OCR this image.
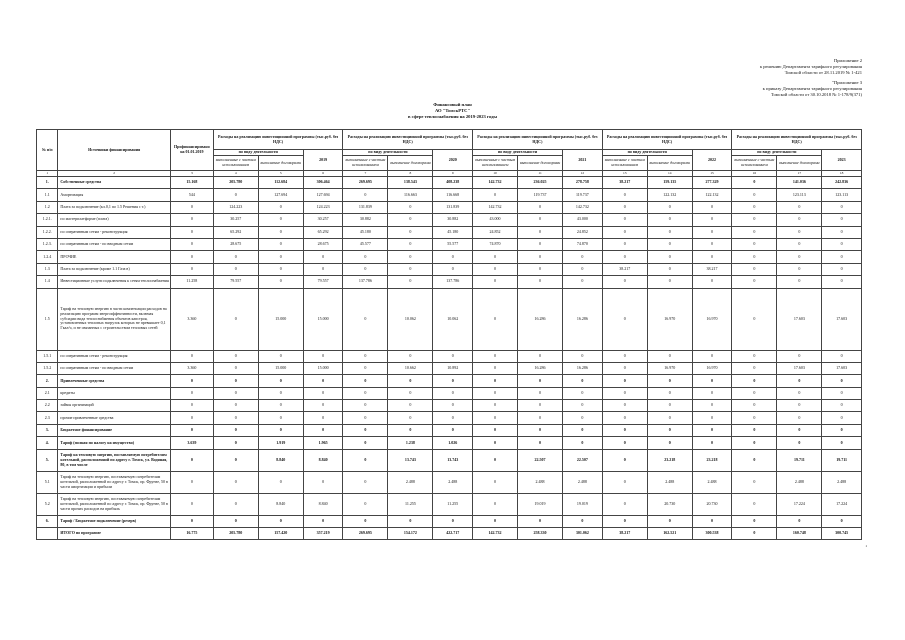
Приложение 2
к решению Департамента тарифного регулирования
Томской области от 28.11.2019 № 1-421
"Приложение 3
к приказу Департамента тарифного регулирования
Томской области от 30.10.2018 № 1-178/9(371)
Финансовый план
АО "ТомскРТС"
в сфере теплоснабжения на 2019-2023 годы
№ п/п	Источники финансирования	Профинансировано на 01.01.2019	Расходы на реализацию инвестиционной программы (тыс.руб. без НДС)			Расходы на реализацию инвестиционной программы (тыс.руб. без НДС)			Расходы на реализацию инвестиционной программы (тыс.руб. без НДС)			Расходы на реализацию инвестиционной программы (тыс.руб. без НДС)			Расходы на реализацию инвестиционной программы (тыс.руб. без НДС)		
			по виду деятельности		2019	по виду деятельности		2020	по виду деятельности		2021	по виду деятельности		2022	по виду деятельности		2023
			выполненные с частым использованием	выполнение договорами		выполненные с частым использованием	выполнение договорами		выполненные с частым использованием	выполнение договорами		выполненные с частым использованием	выполнение договорами		выполненные с частым использованием	выполнение договорами	
1	2	3	4	5	6	7	8	9	10	11	12	13	14	15	16	17	18
1.	Собственные средства	15.168	205.780	112.684	306.464	269.695	138.543	408.238	142.732	236.025	278.758	38.217	159.135	277.329	0	141.036	242.836
1.1	Амортизация	544	0	127.694	127.694	0	116.663	116.668	0	119.737	119.737	0	122.132	122.132	0	123.113	123.113
1.2	Плата за подключение (кл.0,1 по 1.5 Решения с т.)	0	124.223	0	124.223	131.839	0	131.839	142.732	0	142.732	0	0	0	0	0	0
1.2.1.	по мастерплатформе (плата)	0	30.257	0	30.257	30.882	0	30.882	43.000	0	43.000	0	0	0	0	0	0
1.2.2.	по оперативным сетям - реконструкция	0	65.292	0	65.292	45.180	0	45.180	24.852	0	24.852	0	0	0	0	0	0
1.2.3.	по оперативным сетям - по вводным сетям	0	28.675	0	28.675	45.577	0	55.577	74.870	0	74.870	0	0	0	0	0	0
1.2.4	ПРОЧИЕ	0	0	0	0	0	0	0	0	0	0	0	0	0	0	0	0
1.3	Плата за подключение (кроме 1.1 Газа в)	0	0	0	0	0	0	0	0	0	0	38.217	0	38.217	0	0	0
1.4	Инвестиционные услуги подключения к сетям теплоснабжения	11.258	79.557	0	79.557	137.786	0	137.786	0	0	0	0	0	0	0	0	0
1.5	Тариф на тепловую энергию в части компенсации расходов на реализацию программ энергоэффективности, включая субсидии вида теплоснабжения объектов капстроя, установленных тепловых нагрузок которых не превышает 0,1 Гкал/ч, и не связанных с строительством тепловых сетей	3.360	0	15.000	15.000	0	10.062	10.062	0	16.286	16.286	0	16.970	16.970	0	17.603	17.603
1.5.1	по оперативным сетям - реконструкция	0	0	0	0	0	0	0	0	0	0	0	0	0	0	0	0
1.5.2	по оперативным сетям - по вводным сетям	3.360	0	15.000	15.000	0	10.662	10.892	0	16.286	16.286	0	16.970	16.970	0	17.603	17.603
2.	Привлеченные средства	0	0	0	0	0	0	0	0	0	0	0	0	0	0	0	0
2.1	кредиты	0	0	0	0	0	0	0	0	0	0	0	0	0	0	0	0
2.2	займы организаций	0	0	0	0	0	0	0	0	0	0	0	0	0	0	0	0
2.3	прочие привлеченные средства	0	0	0	0	0	0	0	0	0	0	0	0	0	0	0	0
3.	Бюджетное финансирование	0	0	0	0	0	0	0	0	0	0	0	0	0	0	0	0
4.	Тариф (полная по налогу на имущество)	3.639	0	1.919	1.965	0	1.238	1.026	0	0	0	0	0	0	0	0	0
5.	Тариф на тепловую энергию, поставляемую потребителям котельной, расположенной по адресу г. Томск, ул. Водяная, 80, в том числе	0	0	8.840	8.840	0	13.743	13.743	0	22.507	22.507	0	23.218	23.218	0	19.711	19.711
5.1	Тариф на тепловую энергию, поставляемую потребителям котельной, расположенной по адресу г. Томск, пр. Фрунзе, 50 в части амортизации и прибыли	0	0	0	0	0	2.488	2.488	0	2.488	2.488	0	2.488	2.488	0	2.488	2.488
5.2	Тариф на тепловую энергию, поставляемую потребителям котельной, расположенной по адресу г. Томск, пр. Фрунзе, 50 в части прочих расходов на прибыль	0	0	8.840	8.840	0	11.255	11.255	0	19.019	19.019	0	20.730	20.730	0	17.224	17.224
6.	Тариф / Бюджетное подключение (резерв)	0	0	0	0	0	0	0	0	0	0	0	0	0	0	0	0
	ИТОГО по программе	16.775	205.780	157.420	357.219	269.695	154.172	422.717	142.732	258.330	301.062	38.217	162.521	300.538	0	160.748	300.745
1
